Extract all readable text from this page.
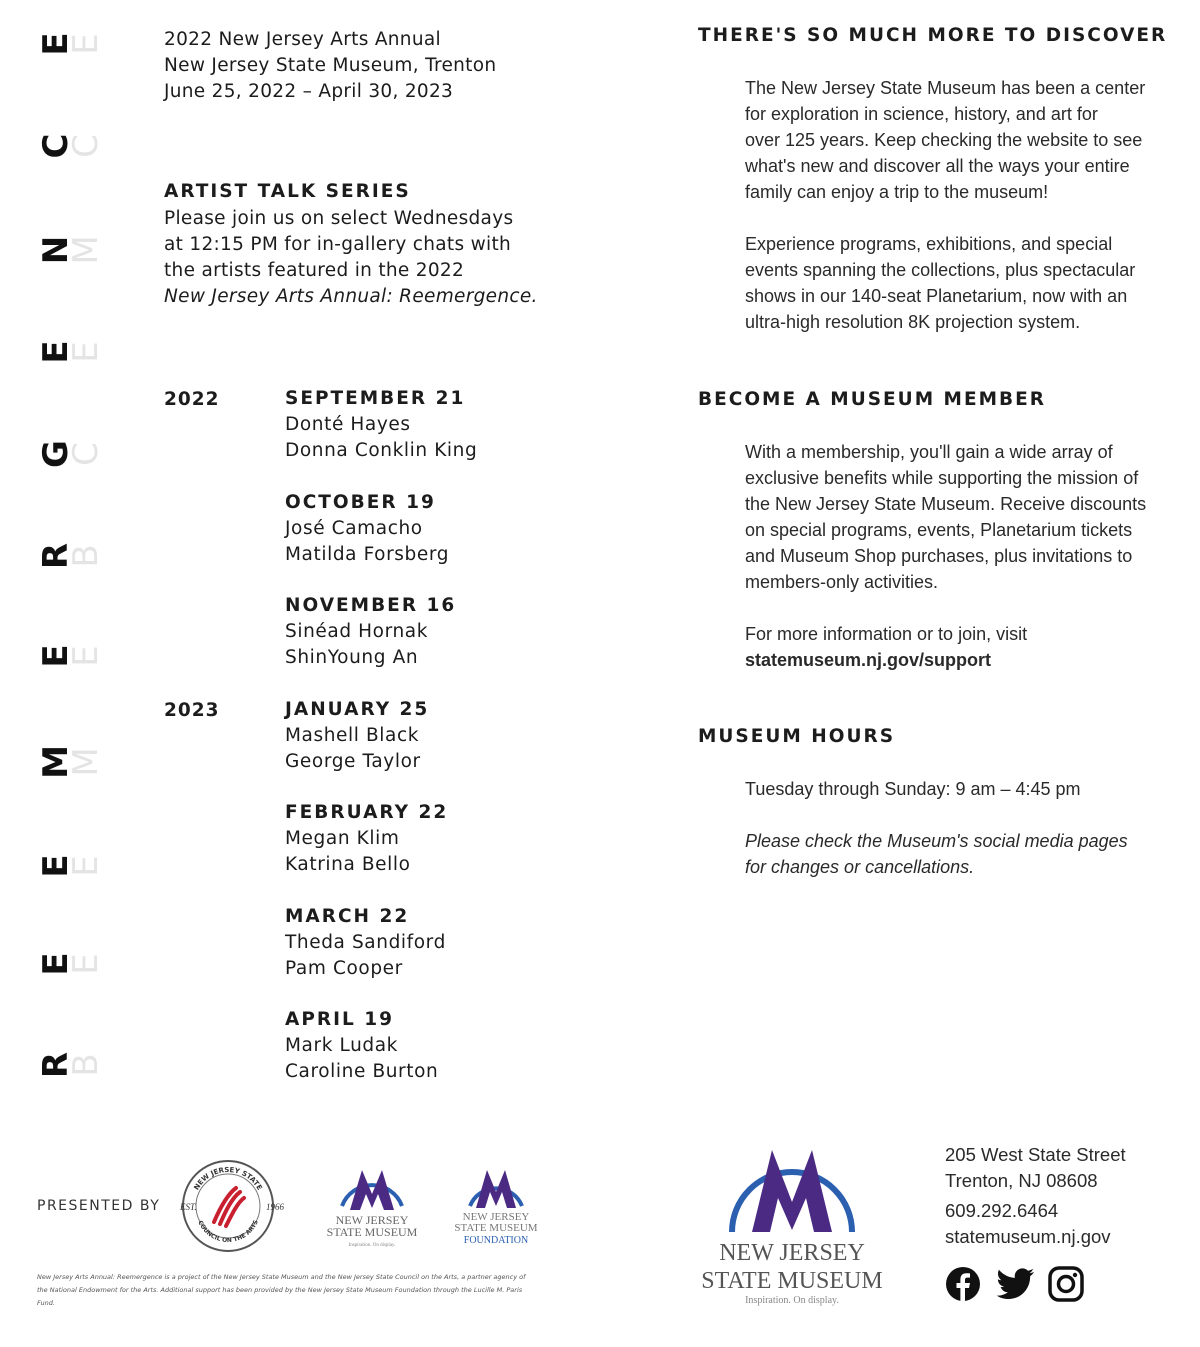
E
E
C
C
N
M
E
E
G
C
R
B
E
E
M
M
E
E
E
E
R
B
2022 New Jersey Arts Annual
New Jersey State Museum, Trenton
June 25, 2022 – April 30, 2023
ARTIST TALK SERIES
Please join us on select Wednesdays
at 12:15 PM for in-gallery chats with
the artists featured in the 2022
New Jersey Arts Annual: Reemergence.
2022
2023
SEPTEMBER 21
Donté Hayes
Donna Conklin King
OCTOBER 19
José Camacho
Matilda Forsberg
NOVEMBER 16
Sinéad Hornak
ShinYoung An
JANUARY 25
Mashell Black
George Taylor
FEBRUARY 22
Megan Klim
Katrina Bello
MARCH 22
Theda Sandiford
Pam Cooper
APRIL 19
Mark Ludak
Caroline Burton
PRESENTED BY
NEW JERSEY STATE
COUNCIL ON THE ARTS
EST.	1966
NEW JERSEY
STATE MUSEUM
Inspiration. On display.
NEW JERSEY
STATE MUSEUM
FOUNDATION
New Jersey Arts Annual: Reemergence is a project of the New Jersey State Museum and the New Jersey State Council on the Arts, a partner agency of the National Endowment for the Arts. Additional support has been provided by the New Jersey State Museum Foundation through the Lucille M. Paris Fund.
THERE'S SO MUCH MORE TO DISCOVER
The New Jersey State Museum has been a center
for exploration in science, history, and art for
over 125 years. Keep checking the website to see
what's new and discover all the ways your entire
family can enjoy a trip to the museum!
Experience programs, exhibitions, and special
events spanning the collections, plus spectacular
shows in our 140-seat Planetarium, now with an
ultra-high resolution 8K projection system.
BECOME A MUSEUM MEMBER
With a membership, you'll gain a wide array of
exclusive benefits while supporting the mission of
the New Jersey State Museum. Receive discounts
on special programs, events, Planetarium tickets
and Museum Shop purchases, plus invitations to
members-only activities.
For more information or to join, visit
statemuseum.nj.gov/support
MUSEUM HOURS
Tuesday through Sunday: 9 am – 4:45 pm
Please check the Museum's social media pages
for changes or cancellations.
NEW JERSEY
STATE MUSEUM
Inspiration. On display.
205 West State Street
Trenton, NJ 08608
609.292.6464
statemuseum.nj.gov
